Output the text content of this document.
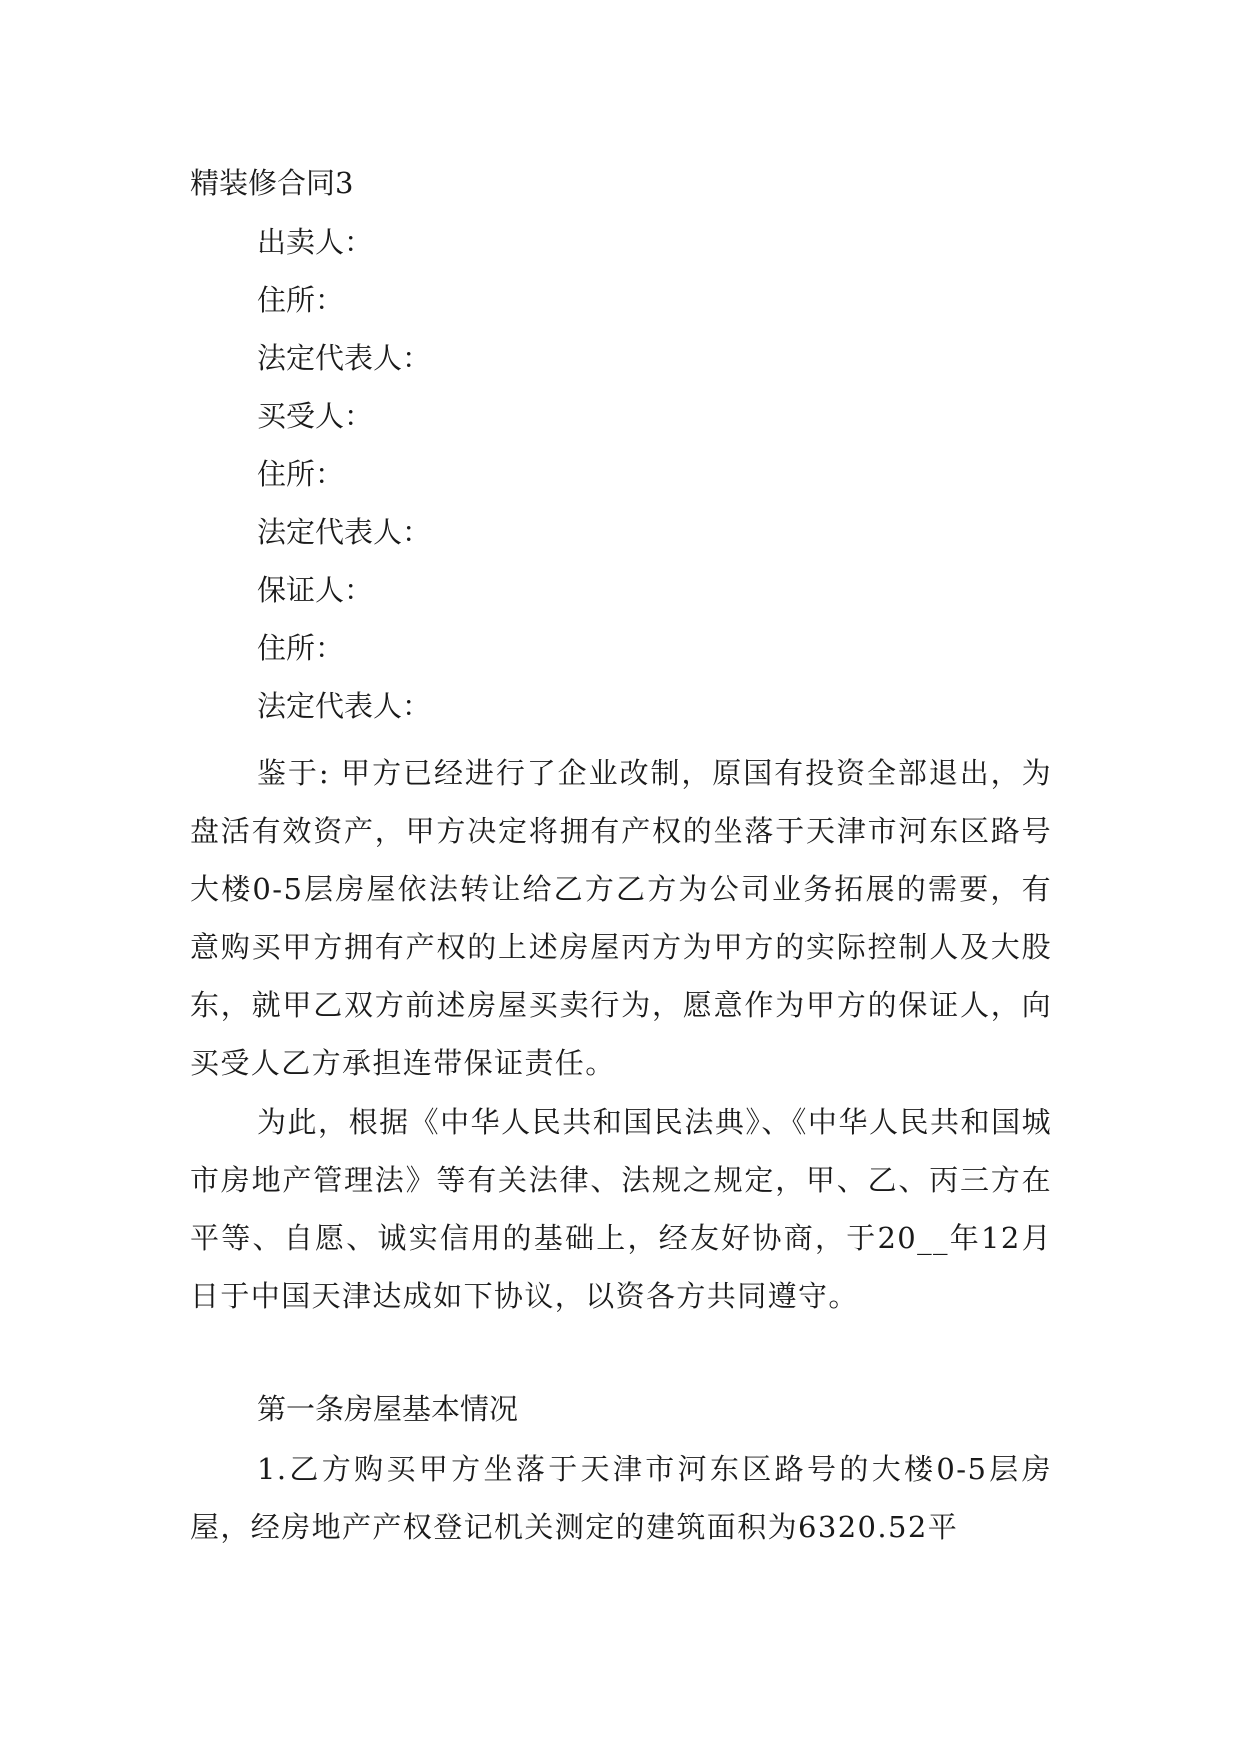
精装修合同3
出卖人：
住所：
法定代表人：
买受人：
住所：
法定代表人：
保证人：
住所：
法定代表人：

鉴于: 甲方已经进行了企业改制，原国有投资全部退出，为盘活有效资产，甲方决定将拥有产权的坐落于天津市河东区路号大楼0-5层房屋依法转让给乙方乙方为公司业务拓展的需要，有意购买甲方拥有产权的上述房屋丙方为甲方的实际控制人及大股东，就甲乙双方前述房屋买卖行为，愿意作为甲方的保证人，向买受人乙方承担连带保证责任。

为此，根据《中华人民共和国民法典》、《中华人民共和国城市房地产管理法》等有关法律、法规之规定，甲、乙、丙三方在平等、自愿、诚实信用的基础上，经友好协商，于20__年12月日于中国天津达成如下协议，以资各方共同遵守。

第一条房屋基本情况

1.乙方购买甲方坐落于天津市河东区路号的大楼0-5层房屋，经房地产产权登记机关测定的建筑面积为6320.52平
